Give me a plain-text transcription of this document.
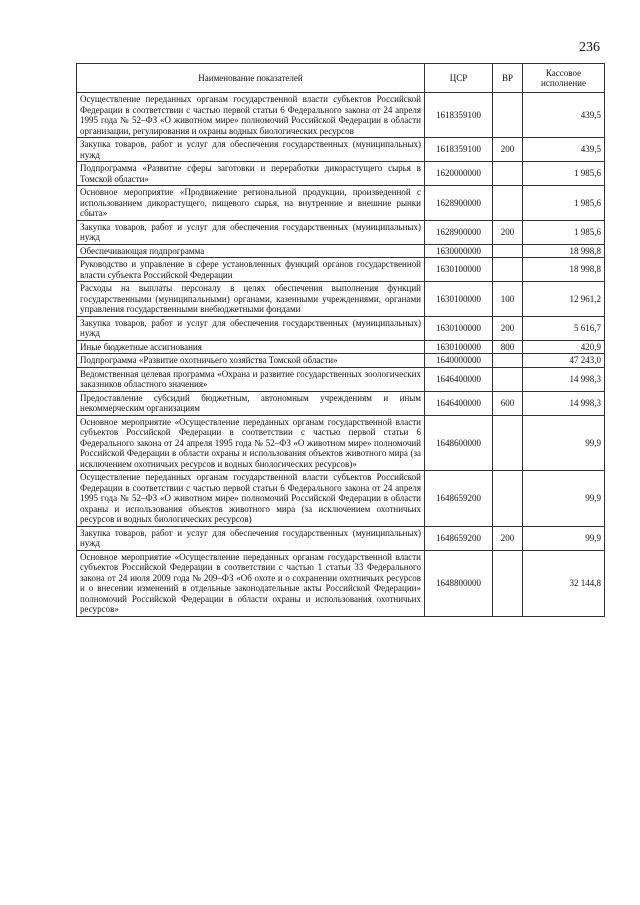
236
Наименование показателей	ЦСР	ВР	Кассовое исполнение
Осуществление переданных органам государственной власти субъектов Российской Федерации в соответствии с частью первой статьи 6 Федерального закона от 24 апреля 1995 года № 52–ФЗ «О животном мире» полномочий Российской Федерации в области организации, регулирования и охраны водных биологических ресурсов	1618359100		439,5
Закупка товаров, работ и услуг для обеспечения государственных (муниципальных) нужд	1618359100	200	439,5
Подпрограмма «Развитие сферы заготовки и переработки дикорастущего сырья в Томской области»	1620000000		1 985,6
Основное мероприятие «Продвижение региональной продукции, произведенной с использованием дикорастущего, пищевого сырья, на внутренние и внешние рынки сбыта»	1628900000		1 985,6
Закупка товаров, работ и услуг для обеспечения государственных (муниципальных) нужд	1628900000	200	1 985,6
Обеспечивающая подпрограмма	1630000000		18 998,8
Руководство и управление в сфере установленных функций органов государственной власти субъекта Российской Федерации	1630100000		18 998,8
Расходы на выплаты персоналу в целях обеспечения выполнения функций государственными (муниципальными) органами, казенными учреждениями, органами управления государственными внебюджетными фондами	1630100000	100	12 961,2
Закупка товаров, работ и услуг для обеспечения государственных (муниципальных) нужд	1630100000	200	5 616,7
Иные бюджетные ассигнования	1630100000	800	420,9
Подпрограмма «Развитие охотничьего хозяйства Томской области»	1640000000		47 243,0
Ведомственная целевая программа «Охрана и развитие государственных зоологических заказников областного значения»	1646400000		14 998,3
Предоставление субсидий бюджетным, автономным учреждениям и иным некоммерческим организациям	1646400000	600	14 998,3
Основное мероприятие «Осуществление переданных органам государственной власти субъектов Российской Федерации в соответствии с частью первой статьи 6 Федерального закона от 24 апреля 1995 года № 52–ФЗ «О животном мире» полномочий Российской Федерации в области охраны и использования объектов животного мира (за исключением охотничьих ресурсов и водных биологических ресурсов)»	1648600000		99,9
Осуществление переданных органам государственной власти субъектов Российской Федерации в соответствии с частью первой статьи 6 Федерального закона от 24 апреля 1995 года № 52–ФЗ «О животном мире» полномочий Российской Федерации в области охраны и использования объектов животного мира (за исключением охотничьих ресурсов и водных биологических ресурсов)	1648659200		99,9
Закупка товаров, работ и услуг для обеспечения государственных (муниципальных) нужд	1648659200	200	99,9
Основное мероприятие «Осуществление переданных органам государственной власти субъектов Российской Федерации в соответствии с частью 1 статьи 33 Федерального закона от 24 июля 2009 года № 209–ФЗ «Об охоте и о сохранении охотничьих ресурсов и о внесении изменений в отдельные законодательные акты Российской Федерации» полномочий Российской Федерации в области охраны и использования охотничьих ресурсов»	1648800000		32 144,8
